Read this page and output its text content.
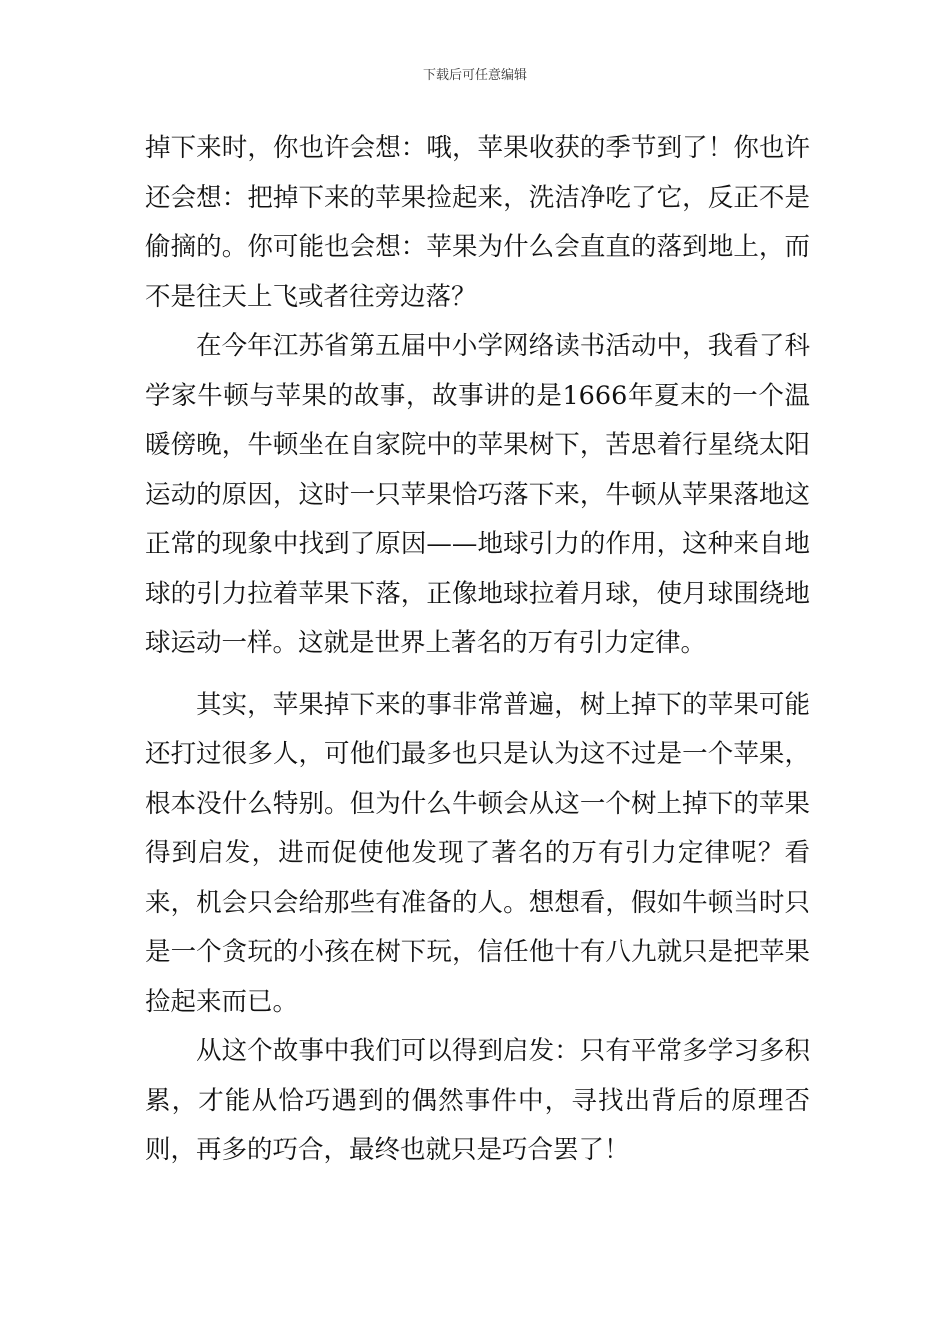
下载后可任意编辑

掉下来时，你也许会想：哦，苹果收获的季节到了！你也许还会想：把掉下来的苹果捡起来，洗洁净吃了它，反正不是偷摘的。你可能也会想：苹果为什么会直直的落到地上，而不是往天上飞或者往旁边落？

在今年江苏省第五届中小学网络读书活动中，我看了科学家牛顿与苹果的故事，故事讲的是1666年夏末的一个温暖傍晚，牛顿坐在自家院中的苹果树下，苦思着行星绕太阳运动的原因，这时一只苹果恰巧落下来，牛顿从苹果落地这正常的现象中找到了原因——地球引力的作用，这种来自地球的引力拉着苹果下落，正像地球拉着月球，使月球围绕地球运动一样。这就是世界上著名的万有引力定律。

其实，苹果掉下来的事非常普遍，树上掉下的苹果可能还打过很多人，可他们最多也只是认为这不过是一个苹果，根本没什么特别。但为什么牛顿会从这一个树上掉下的苹果得到启发，进而促使他发现了著名的万有引力定律呢？看来，机会只会给那些有准备的人。想想看，假如牛顿当时只是一个贪玩的小孩在树下玩，信任他十有八九就只是把苹果捡起来而已。

从这个故事中我们可以得到启发：只有平常多学习多积累，才能从恰巧遇到的偶然事件中，寻找出背后的原理否则，再多的巧合，最终也就只是巧合罢了！
